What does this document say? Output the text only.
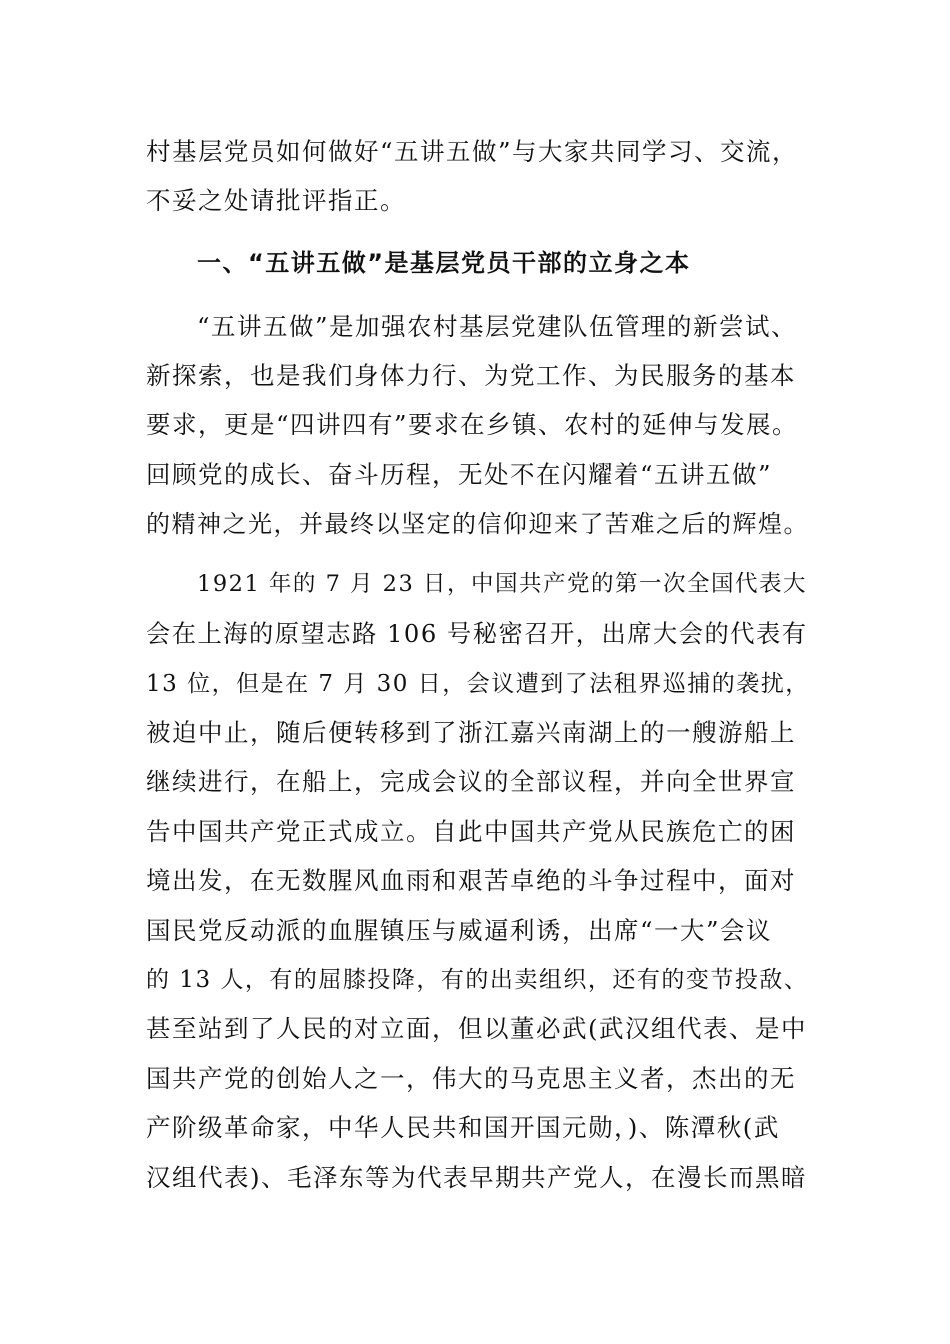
村基层党员如何做好“五讲五做”与大家共同学习、交流，
不妥之处请批评指正。
一、“五讲五做”是基层党员干部的立身之本
“五讲五做”是加强农村基层党建队伍管理的新尝试、
新探索，也是我们身体力行、为党工作、为民服务的基本
要求，更是“四讲四有”要求在乡镇、农村的延伸与发展。
回顾党的成长、奋斗历程，无处不在闪耀着“五讲五做”
的精神之光，并最终以坚定的信仰迎来了苦难之后的辉煌。
1921 年的 7 月 23 日，中国共产党的第一次全国代表大
会在上海的原望志路 106 号秘密召开，出席大会的代表有
13 位，但是在 7 月 30 日，会议遭到了法租界巡捕的袭扰，
被迫中止，随后便转移到了浙江嘉兴南湖上的一艘游船上
继续进行，在船上，完成会议的全部议程，并向全世界宣
告中国共产党正式成立。自此中国共产党从民族危亡的困
境出发，在无数腥风血雨和艰苦卓绝的斗争过程中，面对
国民党反动派的血腥镇压与威逼利诱，出席“一大”会议
的 13 人，有的屈膝投降，有的出卖组织，还有的变节投敌、
甚至站到了人民的对立面，但以董必武(武汉组代表、是中
国共产党的创始人之一，伟大的马克思主义者，杰出的无
产阶级革命家，中华人民共和国开国元勋，)、陈潭秋(武
汉组代表)、毛泽东等为代表早期共产党人，在漫长而黑暗
